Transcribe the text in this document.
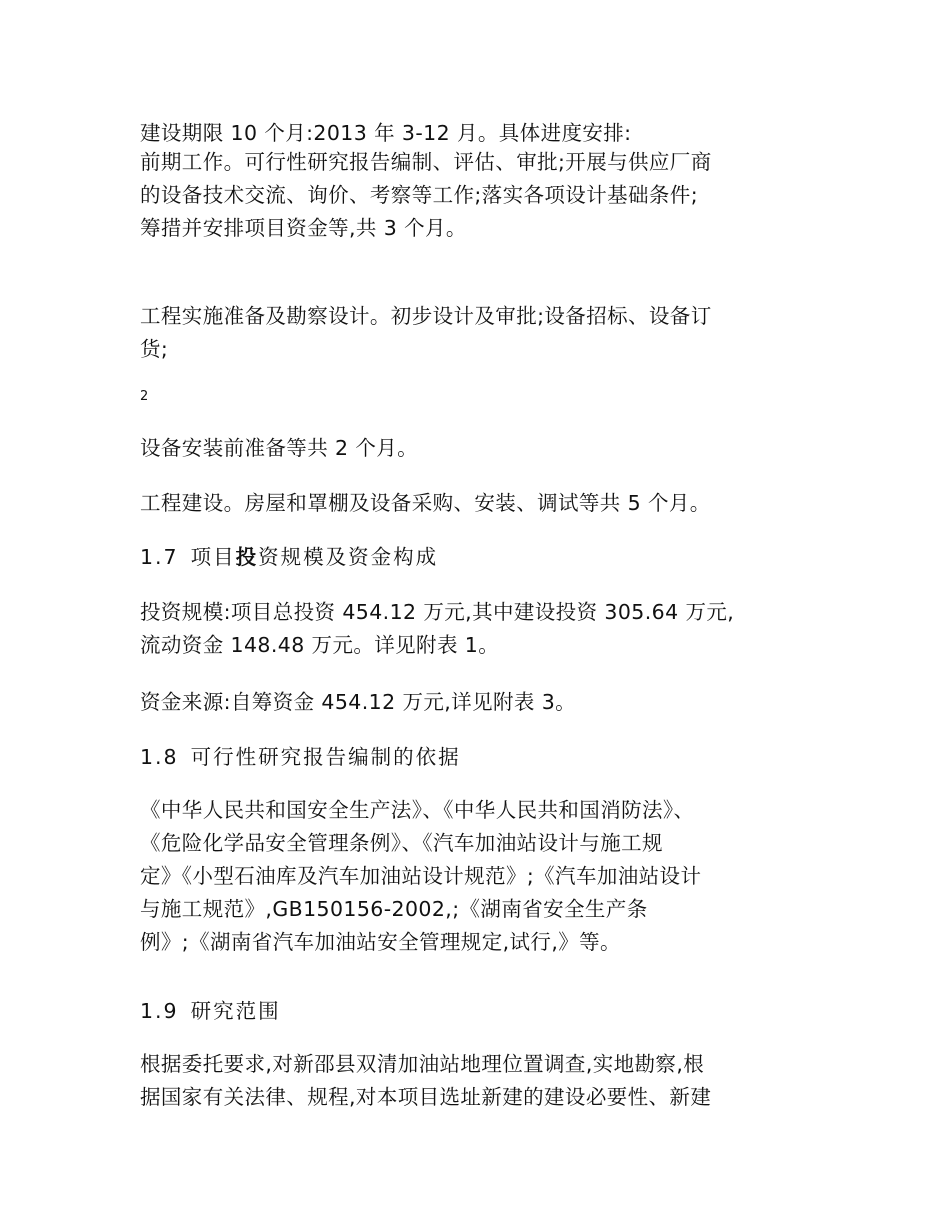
建设期限 10 个月:2013 年 3-12 月。具体进度安排:
前期工作。可行性研究报告编制、评估、审批;开展与供应厂商
的设备技术交流、询价、考察等工作;落实各项设计基础条件;
筹措并安排项目资金等,共 3 个月。
工程实施准备及勘察设计。初步设计及审批;设备招标、设备订
货;
2
设备安装前准备等共 2 个月。
工程建设。房屋和罩棚及设备采购、安装、调试等共 5 个月。
1.7 项目投资规模及资金构成
投资规模:项目总投资 454.12 万元,其中建设投资 305.64 万元,
流动资金 148.48 万元。详见附表 1。
资金来源:自筹资金 454.12 万元,详见附表 3。
1.8 可行性研究报告编制的依据
《中华人民共和国安全生产法》、《中华人民共和国消防法》、
《危险化学品安全管理条例》、《汽车加油站设计与施工规
定》《小型石油库及汽车加油站设计规范》;《汽车加油站设计
与施工规范》,GB150156-2002,;《湖南省安全生产条
例》;《湖南省汽车加油站安全管理规定,试行,》等。
1.9 研究范围
根据委托要求,对新邵县双清加油站地理位置调查,实地勘察,根
据国家有关法律、规程,对本项目选址新建的建设必要性、新建
